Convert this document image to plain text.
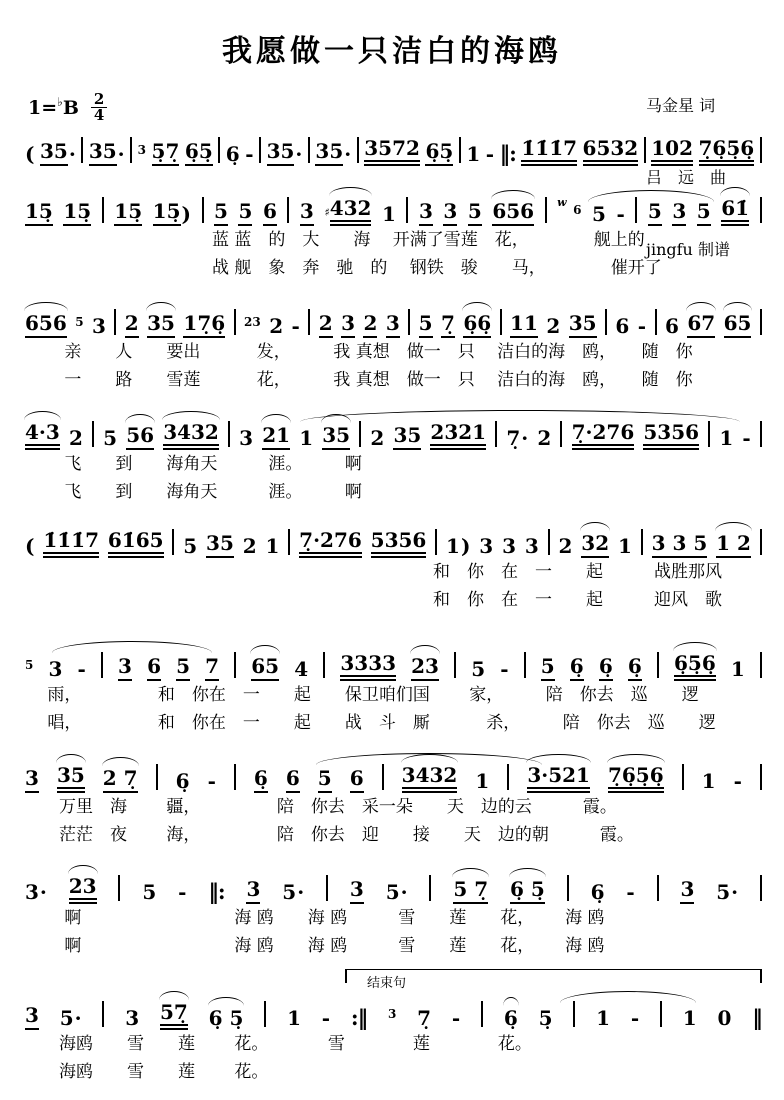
我愿做一只洁白的海鸥

马金星 词

吕　远　曲

jingfu 制谱

1= ♭ B $\frac{2}{4}$
结束句
( 35 · 35 · 3 5̣7̣ 6̣5̣ 6̣ - 35 · 35 · 3572 6̣5̣ 1 - ‖: 1̇1̇1̇7 6532 102 7̣6̣5̣6̣
15̣ 15̣ 15̣ 15̣ ) 5 5 6 3 ♯ 432 1 3 3 5 656 w
6 5 - 5 3 5 61̇
　　　　　　　　　　　蓝 蓝　的　大　　海　 开满了雪莲　花，　　　　 舰上的
　　　　　　　　　　　战 舰　象　奔　驰　的　 钢铁　骏　　马，　　　　 催开了
656 5 3 2 35 17̣6̣ 23 2 - 2 3 2 3 5 7̣ 6̣6̣ 11 2 35 6 - 6 67 65
　　 亲　　人　　要出　　　 发，　　　我 真想　做一　只　 洁白的海　鸥，　　随　你
　　 一　　路　　雪莲　　　 花，　　　我 真想　做一　只　 洁白的海　鸥，　　随　你
4·3 2 5 56 3432 3 21 1 35 2 35 2321 7̣ · 2 7̣·276 5356 1 -
　　 飞　　到　　海角天　　　涯。　　　啊
　　 飞　　到　　海角天　　　涯。　　　啊
( 1̇1̇1̇7 61̇65 5 35 2 1 7̣·276 5356 1 ) 3 3 3 2 32 1 3 3 5 1 2
　　　　　　　　　　　　　　　　　　　　　　　　和　你　在　一　　起　　　战胜那风
　　　　　　　　　　　　　　　　　　　　　　　　和　你　在　一　　起　　　迎风　歌
5 3 - 3 6 5 7 65 4 3333 23 5 - 5 6̣ 6̣ 6̣ 6̣5̣6̣ 1
　 雨，　　　　　和　你在　一　　起　　保卫咱们国　　 家，　　　陪　你去　巡　　逻
　 唱，　　　　　和　你在　一　　起　　战　斗　厮　　　 杀，　　　陪　你去　巡　　逻
3 35 2 7̣ 6̣ - 6̣ 6 5 6 3432 1 3·521 7̣6̣5̣6̣ 1 -
　　万里　海　　 疆，　　　　　陪　你去　采一朵　　天　边的云　　　霞。
　　茫茫　夜　　 海，　　　　　陪　你去　迎　　接　　天　边的朝　　　霞。
3 · 23 5 - ‖: 3 5 · 3 5 · 5 7̣ 6̣ 5̣ 6̣ - 3 5 ·
　　 啊　　　　　　　　　海 鸥　　海 鸥　　　雪　　莲　　花，　　 海 鸥
　　 啊　　　　　　　　　海 鸥　　海 鸥　　　雪　　莲　　花，　　 海 鸥
3 5 · 3 57̣ 6̣ 5̣ 1 - :‖ 3 7̣ - 6̣ 5̣ 1 - 1 0 ‖
　　海鸥　　雪　　莲　　 花。　　　　雪　　　　莲　　　　花。
　　海鸥　　雪　　莲　　 花。
